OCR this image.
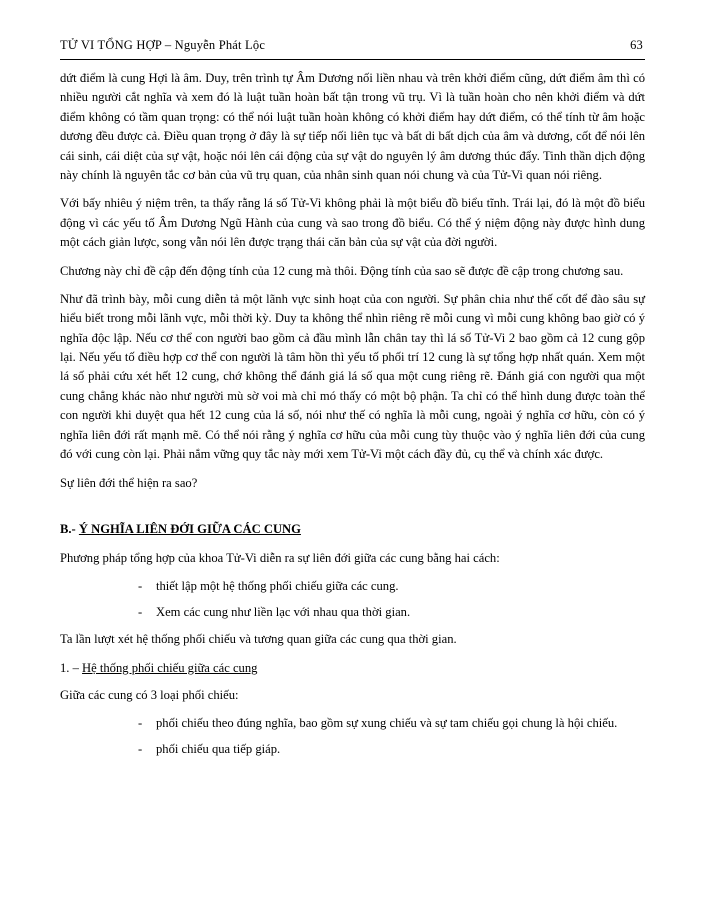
TỬ VI TỔNG HỢP – Nguyễn Phát Lộc	63

dứt điểm là cung Hợi là âm. Duy, trên trình tự Âm Dương nối liền nhau và trên khởi điểm cũng, dứt điểm âm thì có nhiều người cắt nghĩa và xem đó là luật tuần hoàn bất tận trong vũ trụ. Vì là tuần hoàn cho nên khởi điểm và dứt điểm không có tầm quan trọng: có thể nói luật tuần hoàn không có khởi điểm hay dứt điểm, có thể tính từ âm hoặc dương đều được cả. Điều quan trọng ở đây là sự tiếp nối liên tục và bất di bất dịch của âm và dương, cốt để nói lên cái sinh, cái diệt của sự vật, hoặc nói lên cái động của sự vật do nguyên lý âm dương thúc đẩy. Tinh thần dịch động này chính là nguyên tắc cơ bản của vũ trụ quan, của nhân sinh quan nói chung và của Tử-Vi quan nói riêng.

Với bấy nhiêu ý niệm trên, ta thấy rằng lá số Tử-Vi không phải là một biểu đồ biểu tĩnh. Trái lại, đó là một đồ biểu động vì các yếu tố Âm Dương Ngũ Hành của cung và sao trong đồ biểu. Có thể ý niệm động này được hình dung một cách giản lược, song vẫn nói lên được trạng thái căn bản của sự vật của đời người.

Chương này chỉ đề cập đến động tính của 12 cung mà thôi. Động tính của sao sẽ được đề cập trong chương sau.

Như đã trình bày, mỗi cung diễn tả một lãnh vực sinh hoạt của con người. Sự phân chia như thế cốt để đào sâu sự hiểu biết trong mỗi lãnh vực, mỗi thời kỳ. Duy ta không thể nhìn riêng rẽ mỗi cung vì mỗi cung không bao giờ có ý nghĩa độc lập. Nếu cơ thể con người bao gồm cả đầu mình lẫn chân tay thì lá số Tử-Vi 2 bao gồm cả 12 cung gộp lại. Nếu yếu tố điều hợp cơ thể con người là tâm hồn thì yếu tố phối trí 12 cung là sự tổng hợp nhất quán. Xem một lá số phải cứu xét hết 12 cung, chớ không thể đánh giá lá số qua một cung riêng rẽ. Đánh giá con người qua một cung chẳng khác nào như người mù sờ voi mà chỉ mó thấy có một bộ phận. Ta chỉ có thể hình dung được toàn thể con người khi duyệt qua hết 12 cung của lá số, nói như thế có nghĩa là mỗi cung, ngoài ý nghĩa cơ hữu, còn có ý nghĩa liên đới rất mạnh mẽ. Có thể nói rằng ý nghĩa cơ hữu của mỗi cung tùy thuộc vào ý nghĩa liên đới của cung đó với cung còn lại. Phải nắm vững quy tắc này mới xem Tử-Vi một cách đầy đủ, cụ thể và chính xác được.

Sự liên đới thể hiện ra sao?

B.- Ý NGHĨA LIÊN ĐỚI GIỮA CÁC CUNG

Phương pháp tổng hợp của khoa Tử-Vi diễn ra sự liên đới giữa các cung bằng hai cách:

-	thiết lập một hệ thống phối chiếu giữa các cung.
-	Xem các cung như liền lạc với nhau qua thời gian.

Ta lần lượt xét hệ thống phối chiếu và tương quan giữa các cung qua thời gian.

1. – Hệ thống phối chiếu giữa các cung

Giữa các cung có 3 loại phối chiếu:

-	phối chiếu theo đúng nghĩa, bao gồm sự xung chiếu và sự tam chiếu gọi chung là hội chiếu.
-	phối chiếu qua tiếp giáp.
